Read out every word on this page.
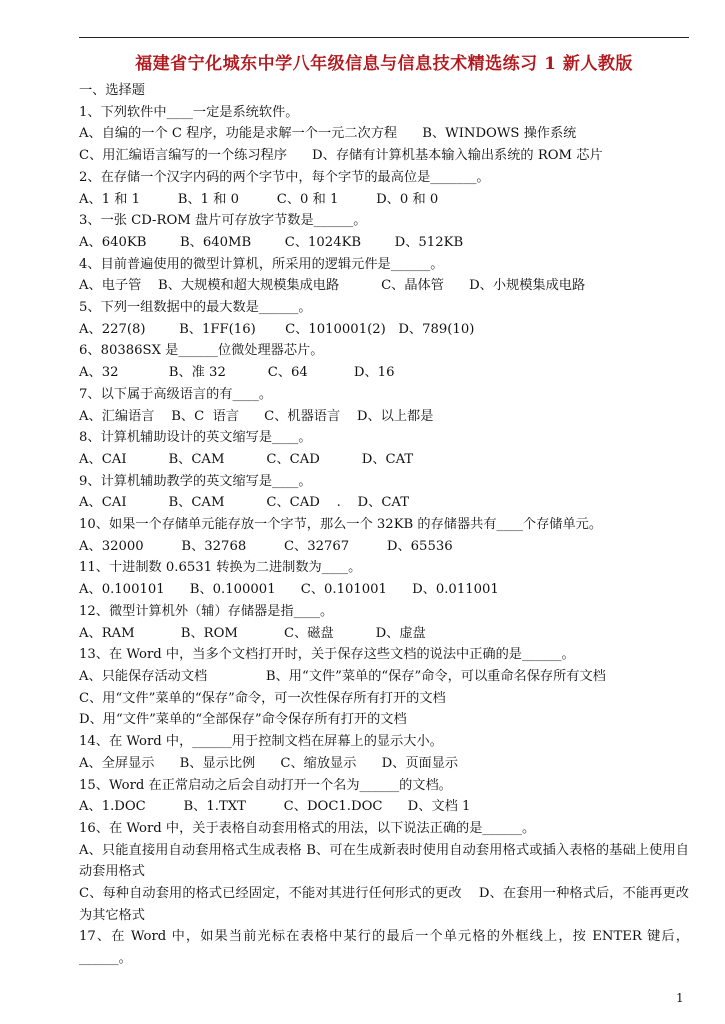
福建省宁化城东中学八年级信息与信息技术精选练习 1 新人教版
一、选择题
1、下列软件中____一定是系统软件。
A、自编的一个 C 程序，功能是求解一个一元二次方程      B、WINDOWS 操作系统
C、用汇编语言编写的一个练习程序      D、存储有计算机基本输入输出系统的 ROM 芯片
2、在存储一个汉字内码的两个字节中，每个字节的最高位是_______。
A、1 和 1         B、1 和 0         C、0 和 1         D、0 和 0
3、一张 CD-ROM 盘片可存放字节数是______。
A、640KB        B、640MB        C、1024KB        D、512KB
4、目前普遍使用的微型计算机，所采用的逻辑元件是______。
A、电子管    B、大规模和超大规模集成电路          C、晶体管      D、小规模集成电路
5、下列一组数据中的最大数是______。
A、227(8)        B、1FF(16)       C、1010001(2)   D、789(10)
6、80386SX 是______位微处理器芯片。
A、32            B、准 32          C、64           D、16
7、以下属于高级语言的有____。
A、汇编语言    B、C  语言      C、机器语言    D、以上都是
8、计算机辅助设计的英文缩写是____。
A、CAI          B、CAM          C、CAD          D、CAT
9、计算机辅助教学的英文缩写是____。
A、CAI          B、CAM          C、CAD    .    D、CAT
10、如果一个存储单元能存放一个字节，那么一个 32KB 的存储器共有____个存储单元。
A、32000         B、32768         C、32767         D、65536
11、十进制数 0.6531 转换为二进制数为____。
A、0.100101      B、0.100001      C、0.101001      D、0.011001
12、微型计算机外（辅）存储器是指____。
A、RAM           B、ROM           C、磁盘          D、虚盘
13、在 Word 中，当多个文档打开时，关于保存这些文档的说法中正确的是______。
A、只能保存活动文档              B、用“文件”菜单的“保存”命令，可以重命名保存所有文档
C、用“文件”菜单的“保存”命令，可一次性保存所有打开的文档
D、用“文件”菜单的“全部保存”命令保存所有打开的文档
14、在 Word 中，______用于控制文档在屏幕上的显示大小。
A、全屏显示      B、显示比例      C、缩放显示      D、页面显示
15、Word 在正常启动之后会自动打开一个名为______的文档。
A、1.DOC         B、1.TXT         C、DOC1.DOC      D、文档 1
16、在 Word 中，关于表格自动套用格式的用法，以下说法正确的是______。
A、只能直接用自动套用格式生成表格 B、可在生成新表时使用自动套用格式或插入表格的基础上使用自动套用格式
C、每种自动套用的格式已经固定，不能对其进行任何形式的更改    D、在套用一种格式后，不能再更改为其它格式
17、在 Word 中，如果当前光标在表格中某行的最后一个单元格的外框线上，按 ENTER 键后，______。
1
